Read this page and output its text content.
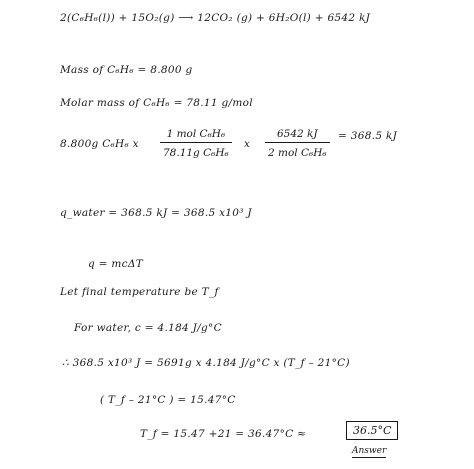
2(C₆H₆(l)) + 15O₂(g) ⟶ 12CO₂ (g) + 6H₂O(l) + 6542 kJ
Mass of C₆H₆ = 8.800 g
Molar mass of C₆H₆ = 78.11 g/mol
8.800g C₆H₆ x
1 mol C₆H₆
78.11g C₆H₆
x
6542 kJ
2 mol C₆H₆
= 368.5 kJ
q_water = 368.5 kJ = 368.5 x10³ J
q = mcΔT
Let final temperature be T_f
For water, c = 4.184 J/g°C
∴ 368.5 x10³ J = 5691g x 4.184 J/g°C x (T_f – 21°C)
( T_f – 21°C ) = 15.47°C
T_f = 15.47 +21 = 36.47°C ≈	36.5°C
Answer
